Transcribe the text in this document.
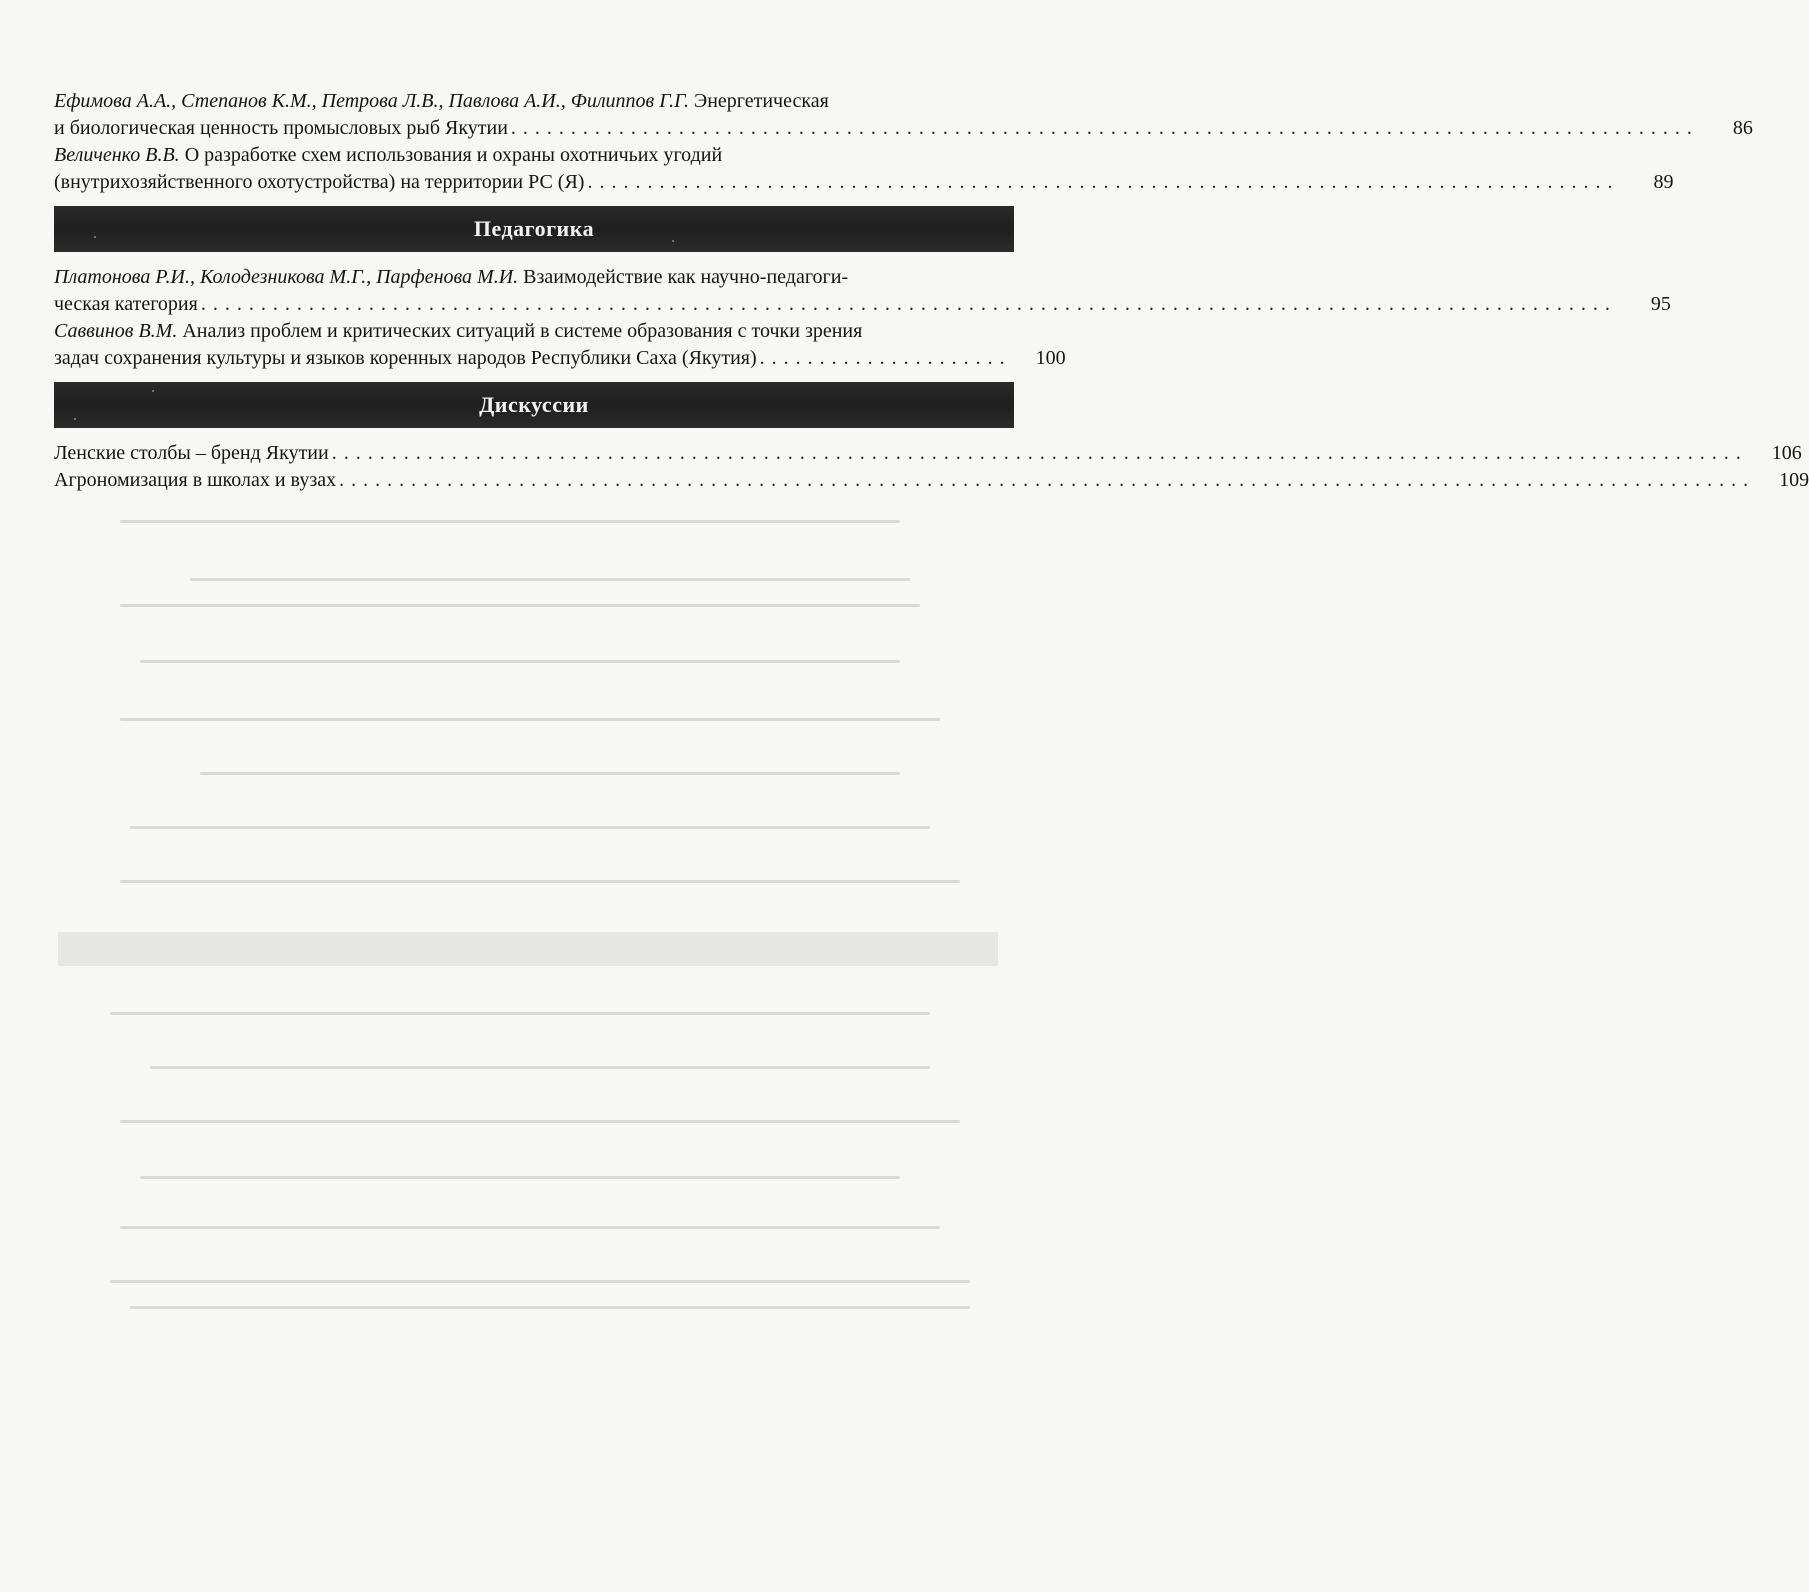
Ефимова А.А., Степанов К.М., Петрова Л.В., Павлова А.И., Филиппов Г.Г. Энергетическая
и биологическая ценность промысловых рыб Якутии . . . . . . . . . . . . . . . . . . . . . . . . . . . . . . . . . . . . . . . . . . . . . . . . . . . . . . . . . . . . . . . . . . . . . . . . . . . . . . . . . . . . . . . . . . . . . . . . . . .	86
Величенко В.В. О разработке схем использования и охраны охотничьих угодий
(внутрихозяйственного охотустройства) на территории РС (Я) . . . . . . . . . . . . . . . . . . . . . . . . . . . . . . . . . . . . . . . . . . . . . . . . . . . . . . . . . . . . . . . . . . . . . . . . . . . . . . . . . . . . . .	89
Педагогика
Платонова Р.И., Колодезникова М.Г., Парфенова М.И. Взаимодействие как научно-педагоги-
ческая категория . . . . . . . . . . . . . . . . . . . . . . . . . . . . . . . . . . . . . . . . . . . . . . . . . . . . . . . . . . . . . . . . . . . . . . . . . . . . . . . . . . . . . . . . . . . . . . . . . . . . . . . . . . . . . . . . . . . . . .	95
Саввинов В.М. Анализ проблем и критических ситуаций в системе образования с точки зрения
задач сохранения культуры и языков коренных народов Республики Саха (Якутия) . . . . . . . . . . . . . . . . . . . . .	100
Дискуссии
Ленские столбы – бренд Якутии . . . . . . . . . . . . . . . . . . . . . . . . . . . . . . . . . . . . . . . . . . . . . . . . . . . . . . . . . . . . . . . . . . . . . . . . . . . . . . . . . . . . . . . . . . . . . . . . . . . . . . . . . . . . . . . . . . . . . .	106
Агрономизация в школах и вузах . . . . . . . . . . . . . . . . . . . . . . . . . . . . . . . . . . . . . . . . . . . . . . . . . . . . . . . . . . . . . . . . . . . . . . . . . . . . . . . . . . . . . . . . . . . . . . . . . . . . . . . . . . . . . . . . . . . . . .	109
